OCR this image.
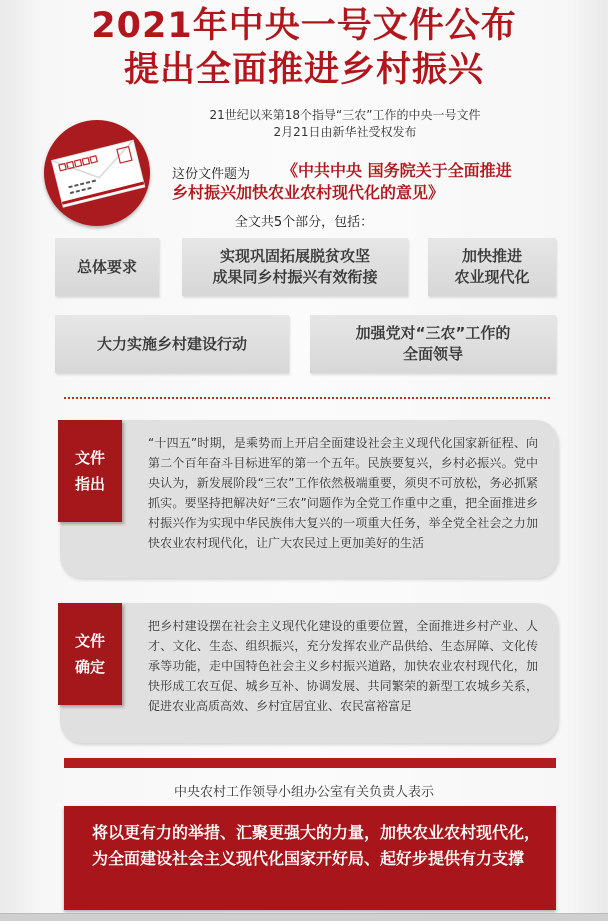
2021年中央一号文件公布
提出全面推进乡村振兴
21世纪以来第18个指导“三农”工作的中央一号文件
2月21日由新华社受权发布
这份文件题为 《中共中央 国务院关于全面推进
乡村振兴加快农业农村现代化的意见》
全文共5个部分，包括：
总体要求
实现巩固拓展脱贫攻坚
成果同乡村振兴有效衔接
加快推进
农业现代化
大力实施乡村建设行动
加强党对“三农”工作的
全面领导
文件
指出
“十四五”时期，是乘势而上开启全面建设社会主义现代化国家新征程、向第二个百年奋斗目标进军的第一个五年。民族要复兴，乡村必振兴。党中央认为，新发展阶段“三农”工作依然极端重要，须臾不可放松，务必抓紧抓实。要坚持把解决好“三农”问题作为全党工作重中之重，把全面推进乡村振兴作为实现中华民族伟大复兴的一项重大任务，举全党全社会之力加快农业农村现代化，让广大农民过上更加美好的生活
文件
确定
把乡村建设摆在社会主义现代化建设的重要位置，全面推进乡村产业、人才、文化、生态、组织振兴，充分发挥农业产品供给、生态屏障、文化传承等功能，走中国特色社会主义乡村振兴道路，加快农业农村现代化，加快形成工农互促、城乡互补、协调发展、共同繁荣的新型工农城乡关系，促进农业高质高效、乡村宜居宜业、农民富裕富足
中央农村工作领导小组办公室有关负责人表示
将以更有力的举措、汇聚更强大的力量，加快农业农村现代化，为全面建设社会主义现代化国家开好局、起好步提供有力支撑
